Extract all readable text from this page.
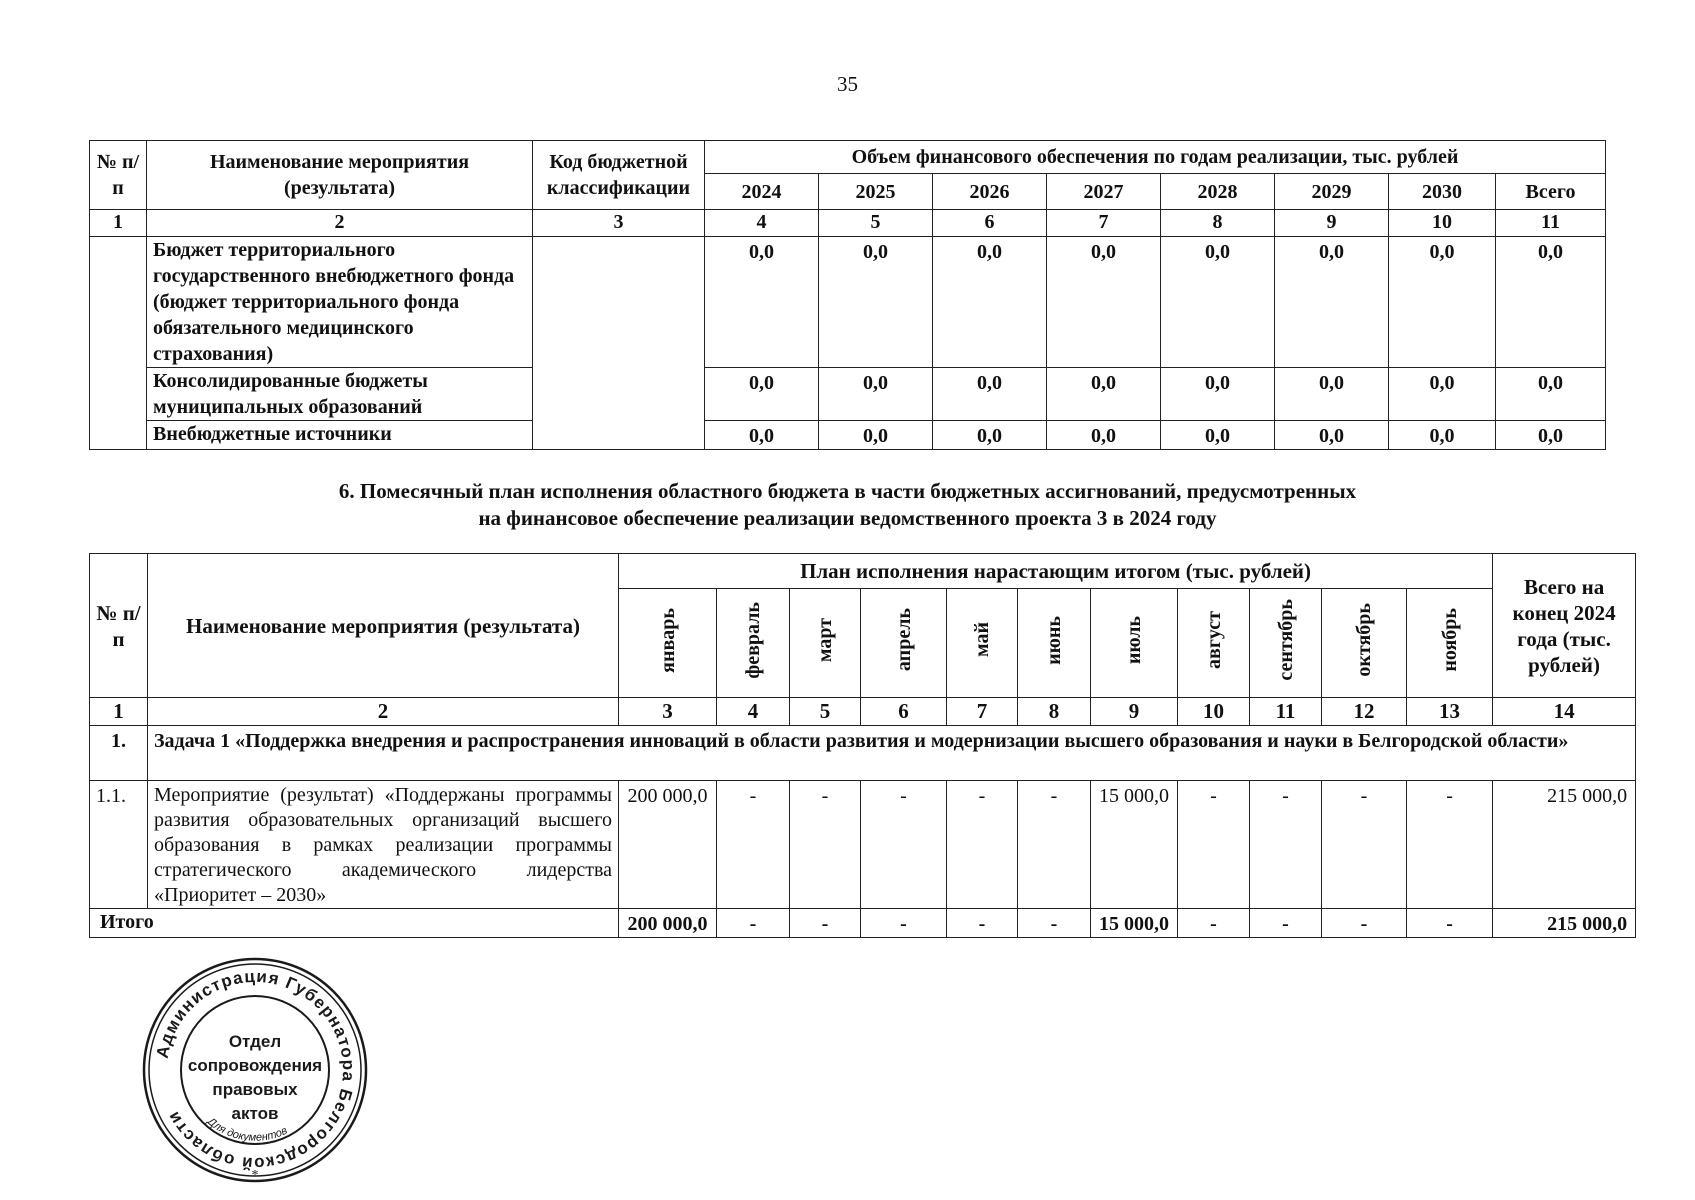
35
№ п/п	Наименование мероприятия (результата)	Код бюджетной классификации	Объем финансового обеспечения по годам реализации, тыс. рублей							
			2024	2025	2026	2027	2028	2029	2030	Всего
1	2	3	4	5	6	7	8	9	10	11
	Бюджет территориального государственного внебюджетного фонда (бюджет территориального фонда обязательного медицинского страхования)		0,0	0,0	0,0	0,0	0,0	0,0	0,0	0,0
	Консолидированные бюджеты муниципальных образований		0,0	0,0	0,0	0,0	0,0	0,0	0,0	0,0
	Внебюджетные источники		0,0	0,0	0,0	0,0	0,0	0,0	0,0	0,0
6. Помесячный план исполнения областного бюджета в части бюджетных ассигнований, предусмотренных
на финансовое обеспечение реализации ведомственного проекта 3 в 2024 году
№ п/п	Наименование мероприятия (результата)	План исполнения нарастающим итогом (тыс. рублей)											Всего на конец 2024 года (тыс. рублей)
		январь	февраль	март	апрель	май	июнь	июль	август	сентябрь	октябрь	ноябрь	
1	2	3	4	5	6	7	8	9	10	11	12	13	14
1.	Задача 1 «Поддержка внедрения и распространения инноваций в области развития и модернизации высшего образования и науки в Белгородской области»												
1.1.	Мероприятие (результат) «Поддержаны программы развития образовательных организаций высшего образования в рамках реализации программы стратегического академического лидерства «Приоритет – 2030»	200 000,0	-	-	-	-	-	15 000,0	-	-	-	-	215 000,0
Итого		200 000,0	-	-	-	-	-	15 000,0	-	-	-	-	215 000,0
Администрация Губернатора Белгородской области
Отдел
сопровождения
правовых
актов
Для документов
*
